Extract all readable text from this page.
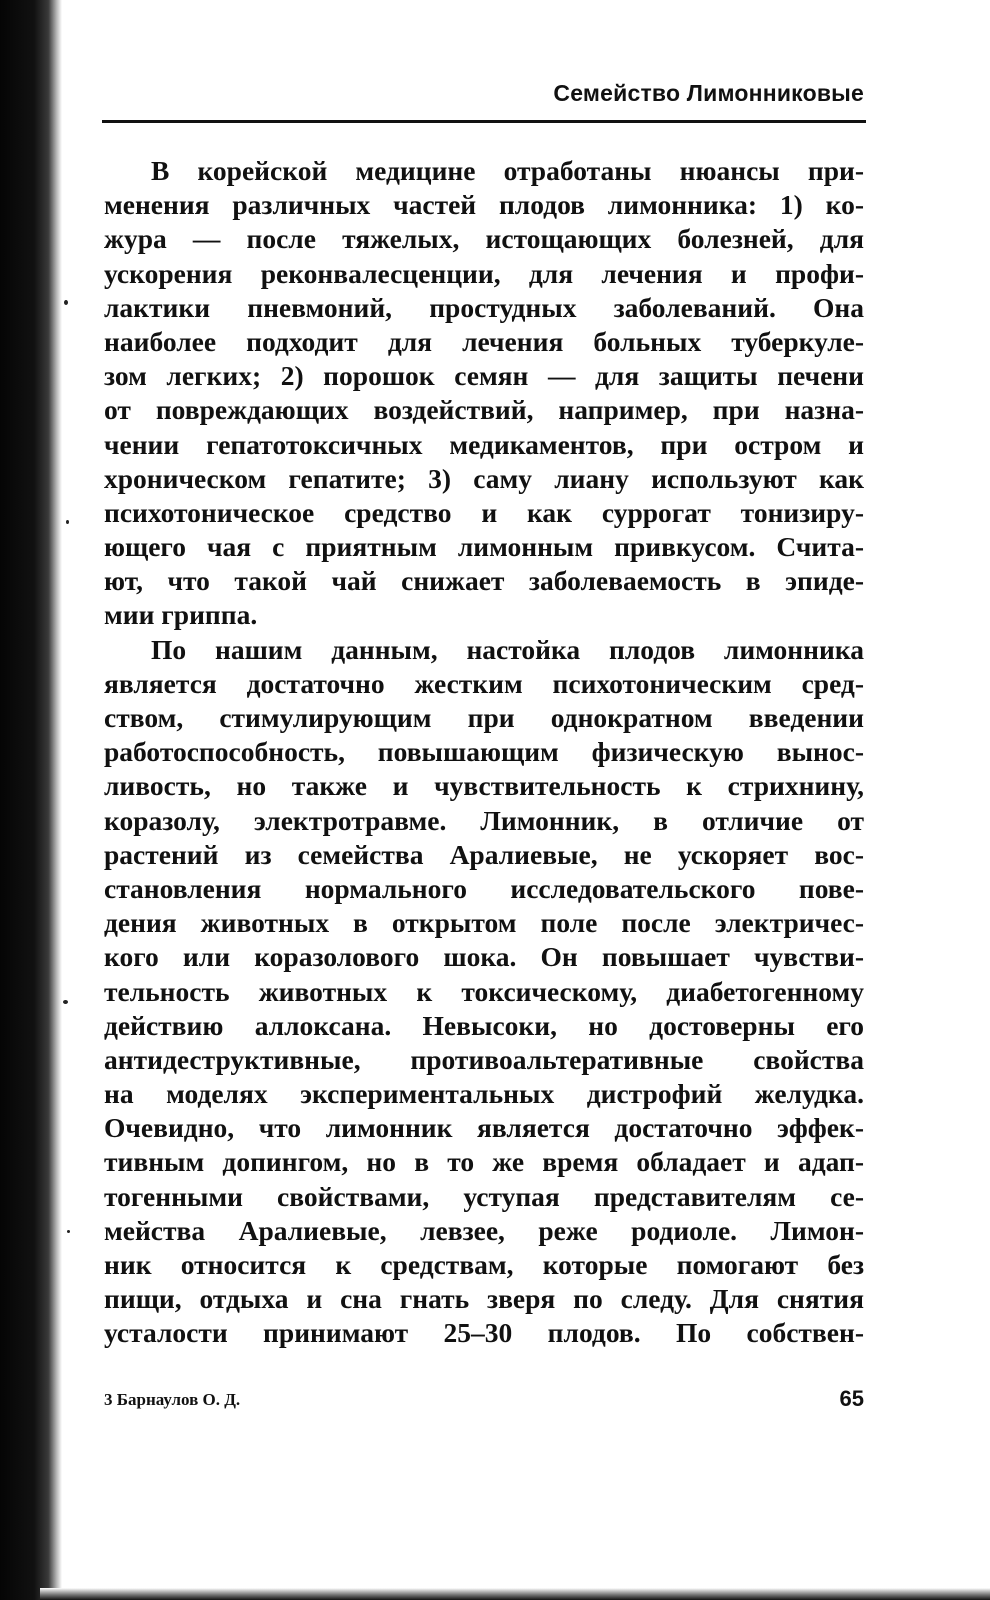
Семейство Лимонниковые
В корейской медицине отработаны нюансы при-
менения различных частей плодов лимонника: 1) ко-
жура — после тяжелых, истощающих болезней, для
ускорения реконвалесценции, для лечения и профи-
лактики пневмоний, простудных заболеваний. Она
наиболее подходит для лечения больных туберкуле-
зом легких; 2) порошок семян — для защиты печени
от повреждающих воздействий, например, при назна-
чении гепатотоксичных медикаментов, при остром и
хроническом гепатите; 3) саму лиану используют как
психотоническое средство и как суррогат тонизиру-
ющего чая с приятным лимонным привкусом. Счита-
ют, что такой чай снижает заболеваемость в эпиде-
мии гриппа.
По нашим данным, настойка плодов лимонника
является достаточно жестким психотоническим сред-
ством, стимулирующим при однократном введении
работоспособность, повышающим физическую вынос-
ливость, но также и чувствительность к стрихнину,
коразолу, электротравме. Лимонник, в отличие от
растений из семейства Аралиевые, не ускоряет вос-
становления нормального исследовательского пове-
дения животных в открытом поле после электричес-
кого или коразолового шока. Он повышает чувстви-
тельность животных к токсическому, диабетогенному
действию аллоксана. Невысоки, но достоверны его
антидеструктивные, противоальтеративные свойства
на моделях экспериментальных дистрофий желудка.
Очевидно, что лимонник является достаточно эффек-
тивным допингом, но в то же время обладает и адап-
тогенными свойствами, уступая представителям се-
мейства Аралиевые, левзее, реже родиоле. Лимон-
ник относится к средствам, которые помогают без
пищи, отдыха и сна гнать зверя по следу. Для снятия
усталости принимают 25–30 плодов. По собствен-
3 Барнаулов О. Д.	65
